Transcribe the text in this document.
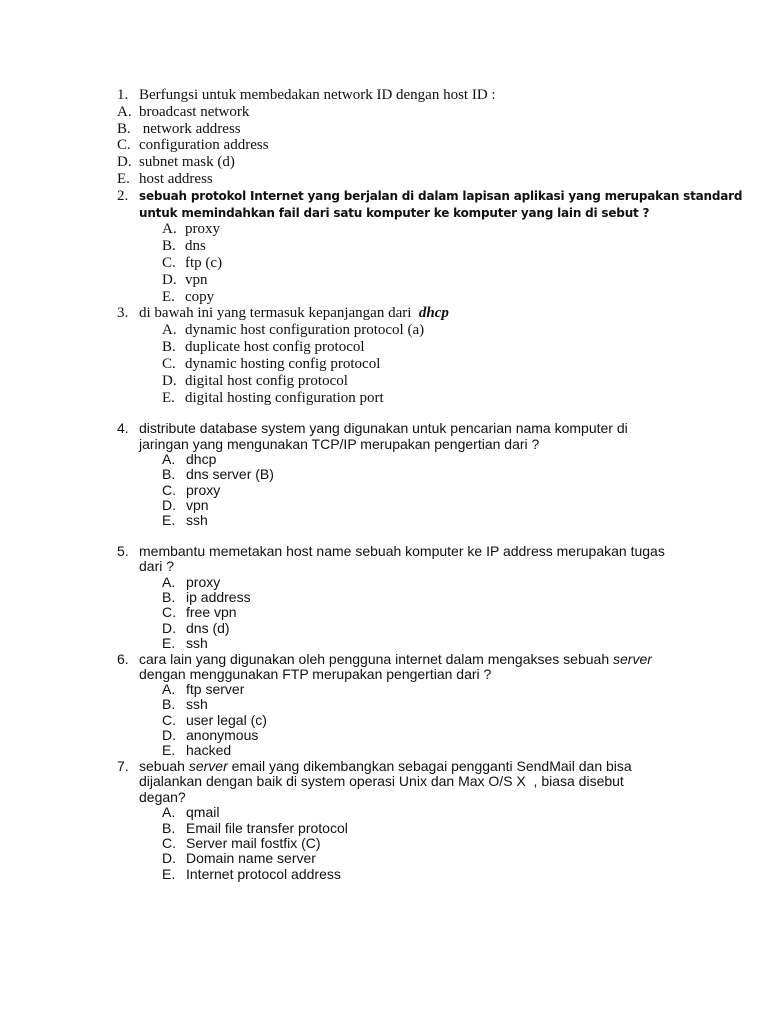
1. Berfungsi untuk membedakan network ID dengan host ID :
A. broadcast network
B. network address
C. configuration address
D. subnet mask (d)
E. host address
2. sebuah protokol Internet yang berjalan di dalam lapisan aplikasi yang merupakan standard
untuk memindahkan fail dari satu komputer ke komputer yang lain di sebut ?
A. proxy
B. dns
C. ftp (c)
D. vpn
E. copy
3. di bawah ini yang termasuk kepanjangan dari dhcp
A. dynamic host configuration protocol (a)
B. duplicate host config protocol
C. dynamic hosting config protocol
D. digital host config protocol
E. digital hosting configuration port
4. distribute database system yang digunakan untuk pencarian nama komputer di
jaringan yang mengunakan TCP/IP merupakan pengertian dari ?
A. dhcp
B. dns server (B)
C. proxy
D. vpn
E. ssh
5. membantu memetakan host name sebuah komputer ke IP address merupakan tugas
dari ?
A. proxy
B. ip address
C. free vpn
D. dns (d)
E. ssh
6. cara lain yang digunakan oleh pengguna internet dalam mengakses sebuah server
dengan menggunakan FTP merupakan pengertian dari ?
A. ftp server
B. ssh
C. user legal (c)
D. anonymous
E. hacked
7. sebuah server email yang dikembangkan sebagai pengganti SendMail dan bisa
dijalankan dengan baik di system operasi Unix dan Max O/S X  , biasa disebut
degan?
A. qmail
B. Email file transfer protocol
C. Server mail fostfix (C)
D. Domain name server
E. Internet protocol address
